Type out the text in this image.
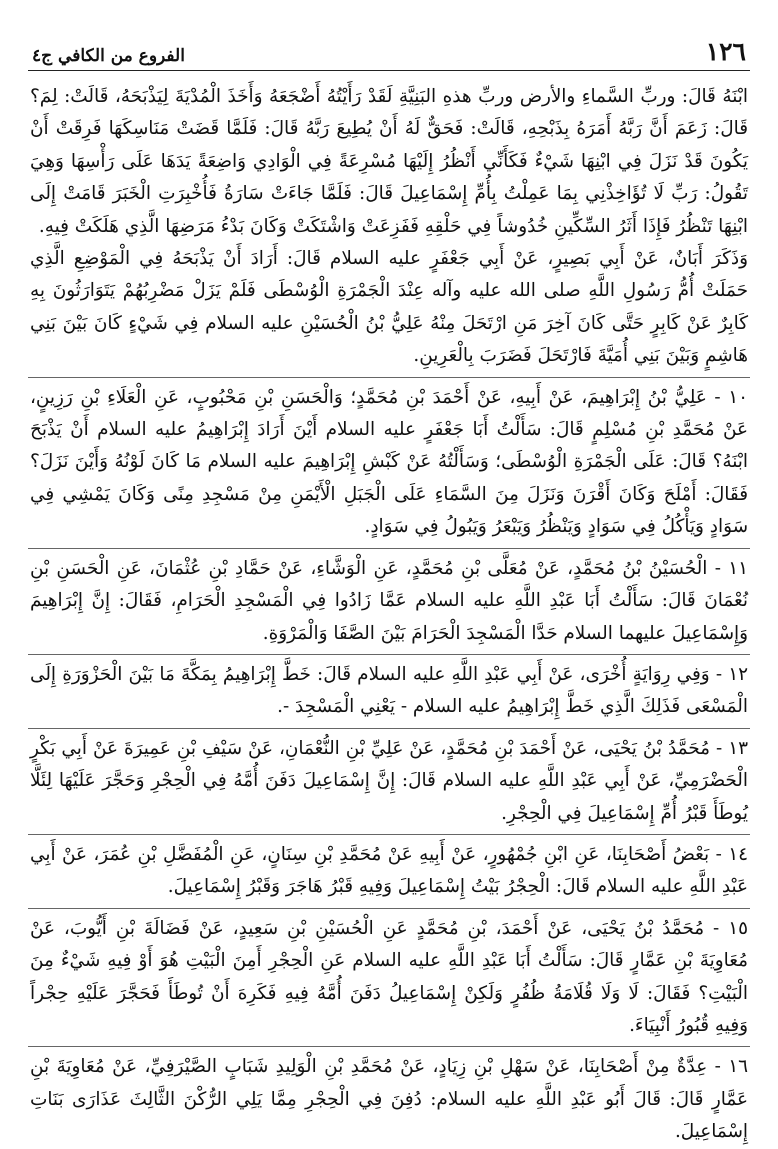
١٢٦
الفروع من الكافي ج٤

ابْنَهُ قَالَ: وربِّ السَّماءِ والأرض وربِّ هذهِ البَنِيَّةِ لَقَدْ رَأَيْتُهُ أَضْجَعَهُ وَأَخَذَ الْمُدْيَةَ لِيَذْبَحَهُ، قَالَتْ: لِمَ؟ قَالَ: زَعَمَ أَنَّ رَبَّهُ أَمَرَهُ بِذَبْحِهِ، قَالَتْ: فَحَقٌّ لَهُ أَنْ يُطِيعَ رَبَّهُ قَالَ: فَلَمَّا قَضَتْ مَنَاسِكَهَا فَرِقَتْ أَنْ يَكُونَ قَدْ نَزَلَ فِي ابْنِهَا شَيْءٌ فَكَأَنِّي أَنْظُرُ إِلَيْهَا مُسْرِعَةً فِي الْوَادِي وَاضِعَةً يَدَهَا عَلَى رَأْسِهَا وَهِيَ تَقُولُ: رَبِّ لَا تُؤَاخِذْنِي بِمَا عَمِلْتُ بِأُمِّ إِسْمَاعِيلَ قَالَ: فَلَمَّا جَاءَتْ سَارَةُ فَأُخْبِرَتِ الْخَبَرَ قَامَتْ إِلَى ابْنِهَا تَنْظُرُ فَإِذَا أَثَرُ السِّكِّينِ خُدُوشاً فِي حَلْقِهِ فَفَزِعَتْ وَاشْتَكَتْ وَكَانَ بَدْءُ مَرَضِهَا الَّذِي هَلَكَتْ فِيهِ.

وَذَكَرَ أَبَانٌ، عَنْ أَبِي بَصِيرٍ، عَنْ أَبِي جَعْفَرٍ عليه السلام قَالَ: أَرَادَ أَنْ يَذْبَحَهُ فِي الْمَوْضِعِ الَّذِي حَمَلَتْ أُمُّ رَسُولِ اللَّهِ صلى الله عليه وآله عِنْدَ الْجَمْرَةِ الْوُسْطَى فَلَمْ يَزَلْ مَضْرِبُهُمْ يَتَوَارَثُونَ بِهِ كَابِرٌ عَنْ كَابِرٍ حَتَّى كَانَ آخِرَ مَنِ ارْتَحَلَ مِنْهُ عَلِيُّ بْنُ الْحُسَيْنِ عليه السلام فِي شَيْءٍ كَانَ بَيْنَ بَنِي هَاشِمٍ وَبَيْنَ بَنِي أُمَيَّةَ فَارْتَحَلَ فَضَرَبَ بِالْعَرِينِ.

١٠ - عَلِيُّ بْنُ إِبْرَاهِيمَ، عَنْ أَبِيهِ، عَنْ أَحْمَدَ بْنِ مُحَمَّدٍ؛ وَالْحَسَنِ بْنِ مَحْبُوبٍ، عَنِ الْعَلَاءِ بْنِ رَزِينٍ، عَنْ مُحَمَّدِ بْنِ مُسْلِمٍ قَالَ: سَأَلْتُ أَبَا جَعْفَرٍ عليه السلام أَيْنَ أَرَادَ إِبْرَاهِيمُ عليه السلام أَنْ يَذْبَحَ ابْنَهُ؟ قَالَ: عَلَى الْجَمْرَةِ الْوُسْطَى؛ وَسَأَلْتُهُ عَنْ كَبْشِ إِبْرَاهِيمَ عليه السلام مَا كَانَ لَوْنُهُ وَأَيْنَ نَزَلَ؟ فَقَالَ: أَمْلَحَ وَكَانَ أَقْرَنَ وَنَزَلَ مِنَ السَّمَاءِ عَلَى الْجَبَلِ الْأَيْمَنِ مِنْ مَسْجِدِ مِنًى وَكَانَ يَمْشِي فِي سَوَادٍ وَيَأْكُلُ فِي سَوَادٍ وَيَنْظُرُ وَيَبْعَرُ وَيَبُولُ فِي سَوَادٍ.

١١ - الْحُسَيْنُ بْنُ مُحَمَّدٍ، عَنْ مُعَلَّى بْنِ مُحَمَّدٍ، عَنِ الْوَشَّاءِ، عَنْ حَمَّادِ بْنِ عُثْمَانَ، عَنِ الْحَسَنِ بْنِ نُعْمَانَ قَالَ: سَأَلْتُ أَبَا عَبْدِ اللَّهِ عليه السلام عَمَّا زَادُوا فِي الْمَسْجِدِ الْحَرَامِ، فَقَالَ: إِنَّ إِبْرَاهِيمَ وَإِسْمَاعِيلَ عليهما السلام حَدَّا الْمَسْجِدَ الْحَرَامَ بَيْنَ الصَّفَا وَالْمَرْوَةِ.

١٢ - وَفِي رِوَايَةٍ أُخْرَى، عَنْ أَبِي عَبْدِ اللَّهِ عليه السلام قَالَ: خَطَّ إِبْرَاهِيمُ بِمَكَّةَ مَا بَيْنَ الْحَزْوَرَةِ إِلَى الْمَسْعَى فَذَلِكَ الَّذِي خَطَّ إِبْرَاهِيمُ عليه السلام - يَعْنِي الْمَسْجِدَ -.

١٣ - مُحَمَّدُ بْنُ يَحْيَى، عَنْ أَحْمَدَ بْنِ مُحَمَّدٍ، عَنْ عَلِيِّ بْنِ النُّعْمَانِ، عَنْ سَيْفِ بْنِ عَمِيرَةَ عَنْ أَبِي بَكْرٍ الْحَضْرَمِيِّ، عَنْ أَبِي عَبْدِ اللَّهِ عليه السلام قَالَ: إِنَّ إِسْمَاعِيلَ دَفَنَ أُمَّهُ فِي الْحِجْرِ وَحَجَّرَ عَلَيْهَا لِئَلَّا يُوطَأَ قَبْرُ أُمِّ إِسْمَاعِيلَ فِي الْحِجْرِ.

١٤ - بَعْضُ أَصْحَابِنَا، عَنِ ابْنِ جُمْهُورٍ، عَنْ أَبِيهِ عَنْ مُحَمَّدِ بْنِ سِنَانٍ، عَنِ الْمُفَضَّلِ بْنِ عُمَرَ، عَنْ أَبِي عَبْدِ اللَّهِ عليه السلام قَالَ: الْحِجْرُ بَيْتُ إِسْمَاعِيلَ وَفِيهِ قَبْرُ هَاجَرَ وَقَبْرُ إِسْمَاعِيلَ.

١٥ - مُحَمَّدُ بْنُ يَحْيَى، عَنْ أَحْمَدَ، بْنِ مُحَمَّدٍ عَنِ الْحُسَيْنِ بْنِ سَعِيدٍ، عَنْ فَضَالَةَ بْنِ أَيُّوبَ، عَنْ مُعَاوِيَةَ بْنِ عَمَّارٍ قَالَ: سَأَلْتُ أَبَا عَبْدِ اللَّهِ عليه السلام عَنِ الْحِجْرِ أَمِنَ الْبَيْتِ هُوَ أَوْ فِيهِ شَيْءٌ مِنَ الْبَيْتِ؟ فَقَالَ: لَا وَلَا قُلَامَةُ ظُفُرٍ وَلَكِنْ إِسْمَاعِيلُ دَفَنَ أُمَّهُ فِيهِ فَكَرِهَ أَنْ تُوطَأَ فَحَجَّرَ عَلَيْهِ حِجْراً وَفِيهِ قُبُورُ أَنْبِيَاءَ.

١٦ - عِدَّةٌ مِنْ أَصْحَابِنَا، عَنْ سَهْلِ بْنِ زِيَادٍ، عَنْ مُحَمَّدِ بْنِ الْوَلِيدِ شَبَابٍ الصَّيْرَفِيِّ، عَنْ مُعَاوِيَةَ بْنِ عَمَّارٍ قَالَ: قَالَ أَبُو عَبْدِ اللَّهِ عليه السلام: دُفِنَ فِي الْحِجْرِ مِمَّا يَلِي الرُّكْنَ الثَّالِثَ عَذَارَى بَنَاتِ إِسْمَاعِيلَ.
